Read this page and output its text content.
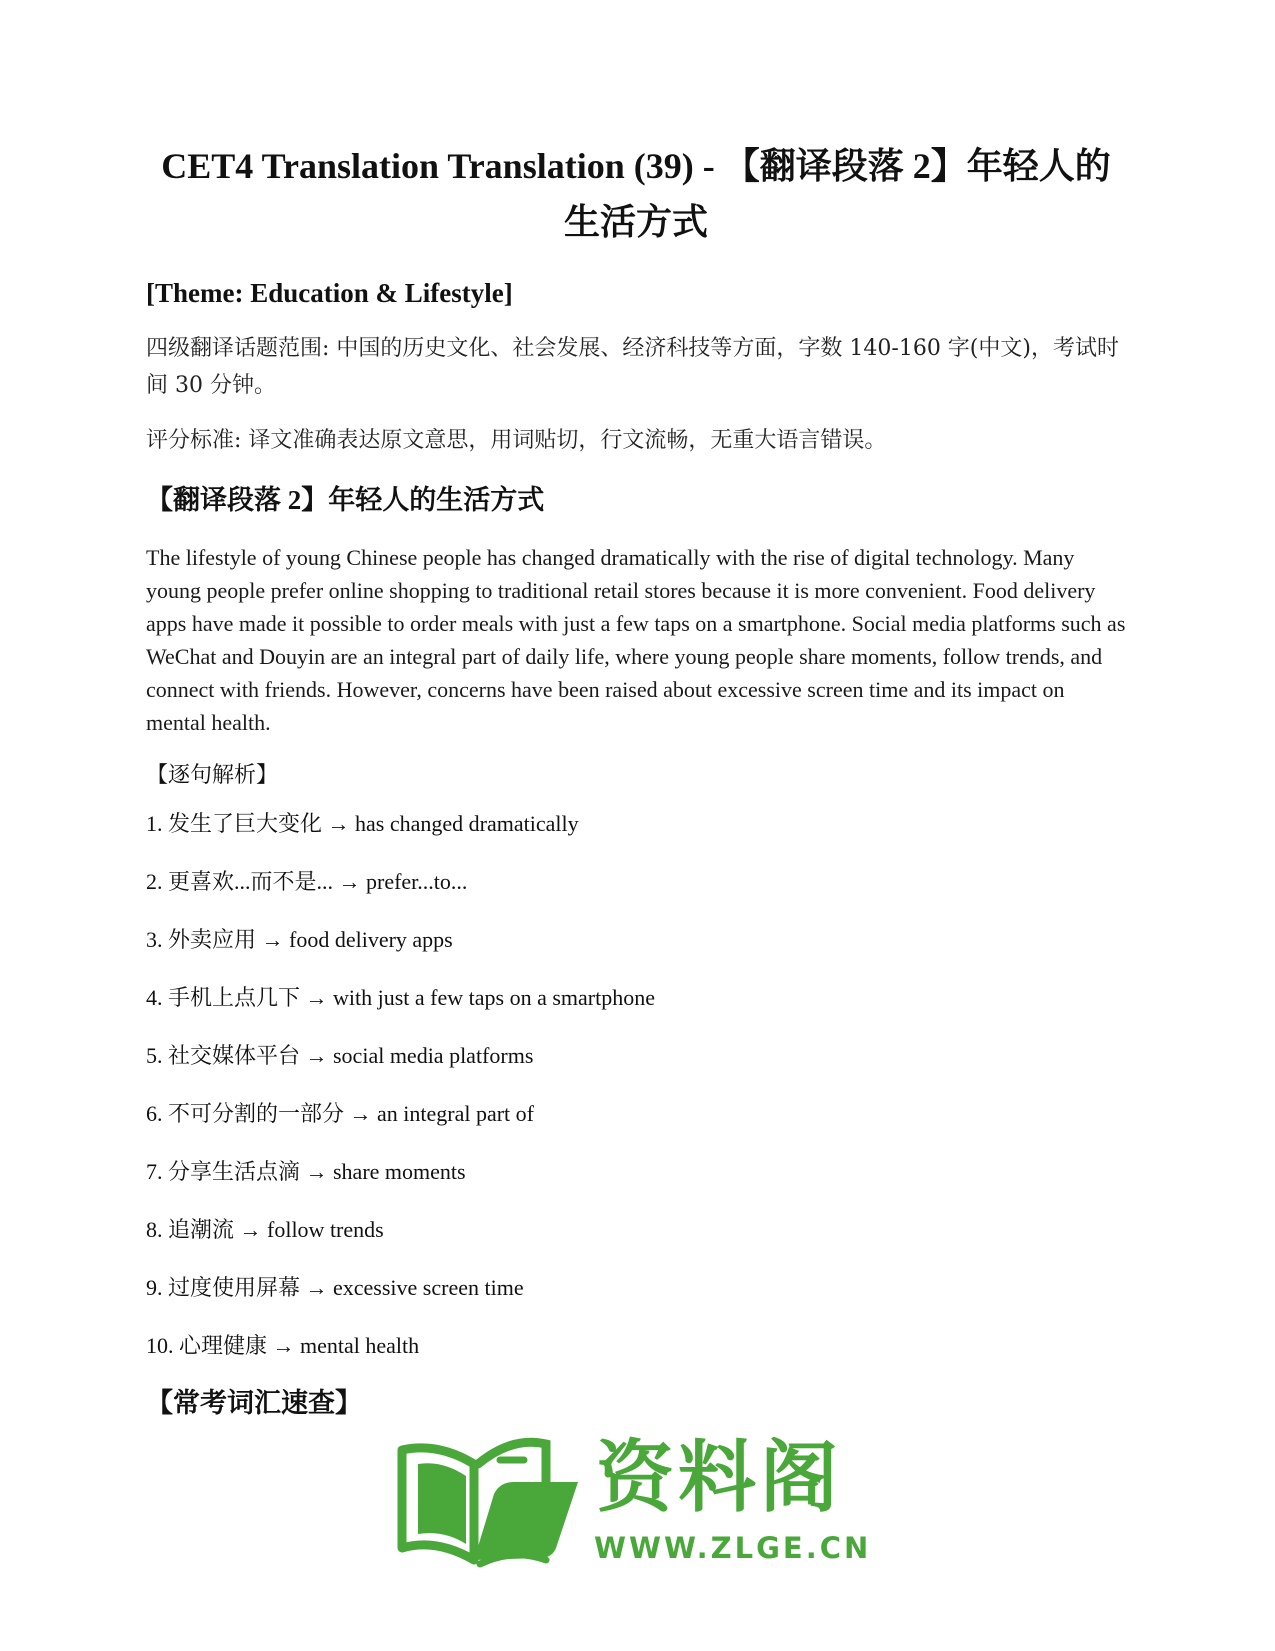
CET4 Translation Translation (39) - 【翻译段落 2】年轻人的生活方式
[Theme: Education & Lifestyle]

四级翻译话题范围: 中国的历史文化、社会发展、经济科技等方面，字数 140-160 字(中文)，考试时间 30 分钟。

评分标准: 译文准确表达原文意思，用词贴切，行文流畅，无重大语言错误。

【翻译段落 2】年轻人的生活方式

The lifestyle of young Chinese people has changed dramatically with the rise of digital technology. Many young people prefer online shopping to traditional retail stores because it is more convenient. Food delivery apps have made it possible to order meals with just a few taps on a smartphone. Social media platforms such as WeChat and Douyin are an integral part of daily life, where young people share moments, follow trends, and connect with friends. However, concerns have been raised about excessive screen time and its impact on mental health.

【逐句解析】
1. 发生了巨大变化 → has changed dramatically
2. 更喜欢...而不是... → prefer...to...
3. 外卖应用 → food delivery apps
4. 手机上点几下 → with just a few taps on a smartphone
5. 社交媒体平台 → social media platforms
6. 不可分割的一部分 → an integral part of
7. 分享生活点滴 → share moments
8. 追潮流 → follow trends
9. 过度使用屏幕 → excessive screen time
10. 心理健康 → mental health
【常考词汇速查】
资料阁
WWW.ZLGE.CN
